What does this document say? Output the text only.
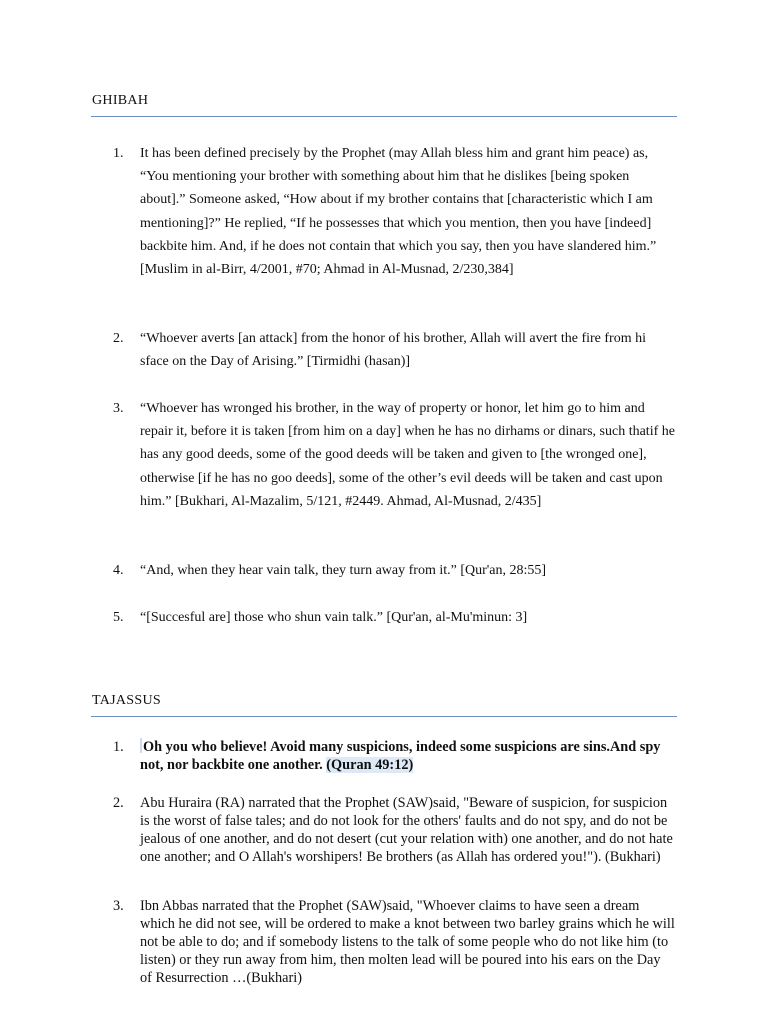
GHIBAH
1. It has been defined precisely by the Prophet (may Allah bless him and grant him peace) as, “You mentioning your brother with something about him that he dislikes [being spoken about].” Someone asked, “How about if my brother contains that [characteristic which I am mentioning]?” He replied, “If he possesses that which you mention, then you have [indeed] backbite him. And, if he does not contain that which you say, then you have slandered him.” [Muslim in al-Birr, 4/2001, #70; Ahmad in Al-Musnad, 2/230,384]
2. “Whoever averts [an attack] from the honor of his brother, Allah will avert the fire from hi sface on the Day of Arising.” [Tirmidhi (hasan)]
3. “Whoever has wronged his brother, in the way of property or honor, let him go to him and repair it, before it is taken [from him on a day] when he has no dirhams or dinars, such thatif he has any good deeds, some of the good deeds will be taken and given to [the wronged one], otherwise [if he has no goo deeds], some of the other’s evil deeds will be taken and cast upon him.” [Bukhari, Al-Mazalim, 5/121, #2449. Ahmad, Al-Musnad, 2/435]
4. “And, when they hear vain talk, they turn away from it.” [Qur'an, 28:55]
5. “[Succesful are] those who shun vain talk.” [Qur'an, al-Mu'minun: 3]
TAJASSUS
1. Oh you who believe! Avoid many suspicions, indeed some suspicions are sins.And spy not, nor backbite one another. (Quran 49:12)
2. Abu Huraira (RA) narrated that the Prophet (SAW)said, "Beware of suspicion, for suspicion is the worst of false tales; and do not look for the others' faults and do not spy, and do not be jealous of one another, and do not desert (cut your relation with) one another, and do not hate one another; and O Allah's worshipers! Be brothers (as Allah has ordered you!"). (Bukhari)
3. Ibn Abbas narrated that the Prophet (SAW)said, "Whoever claims to have seen a dream which he did not see, will be ordered to make a knot between two barley grains which he will not be able to do; and if somebody listens to the talk of some people who do not like him (to listen) or they run away from him, then molten lead will be poured into his ears on the Day of Resurrection …(Bukhari)
